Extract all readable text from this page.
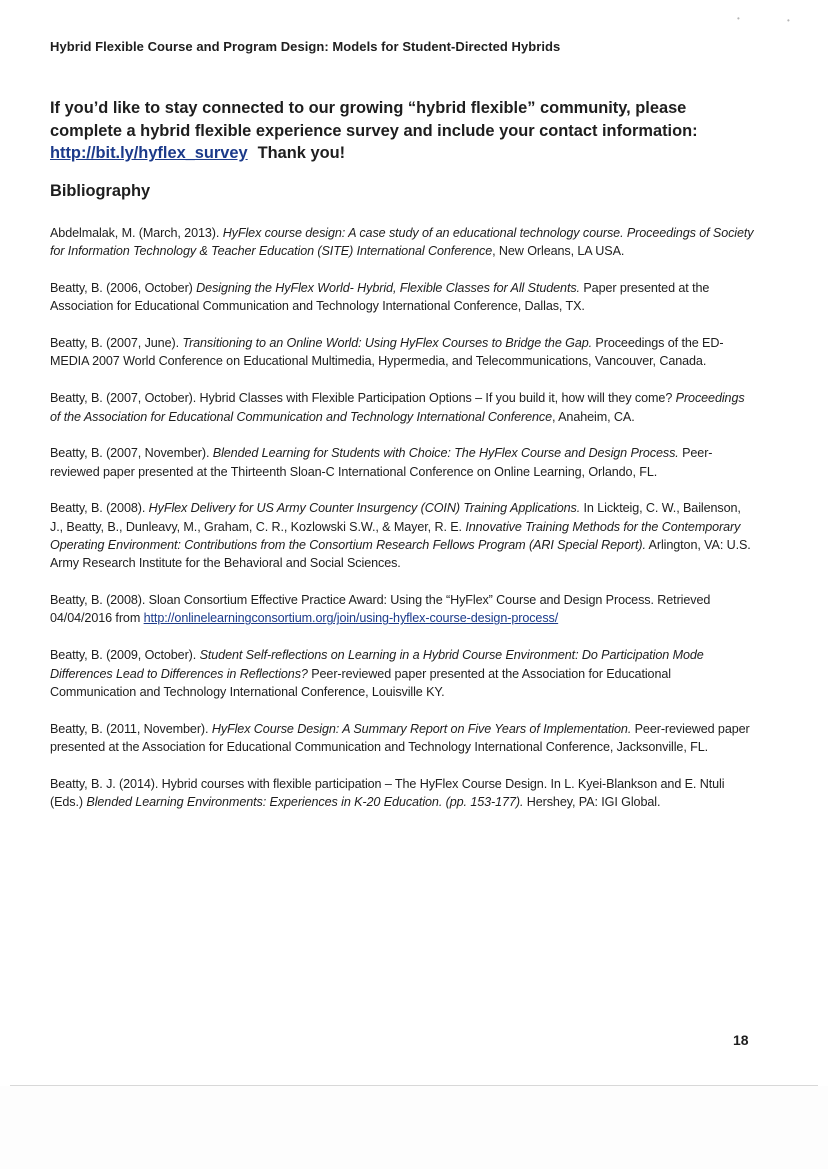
•	•
Hybrid Flexible Course and Program Design: Models for Student-Directed Hybrids
If you’d like to stay connected to our growing “hybrid flexible” community, please complete a hybrid flexible experience survey and include your contact information:
http://bit.ly/hyflex_survey Thank you!
Bibliography

Abdelmalak, M. (March, 2013). HyFlex course design: A case study of an educational technology course. Proceedings of Society for Information Technology & Teacher Education (SITE) International Conference, New Orleans, LA USA.

Beatty, B. (2006, October) Designing the HyFlex World- Hybrid, Flexible Classes for All Students. Paper presented at the Association for Educational Communication and Technology International Conference, Dallas, TX.

Beatty, B. (2007, June). Transitioning to an Online World: Using HyFlex Courses to Bridge the Gap. Proceedings of the ED-MEDIA 2007 World Conference on Educational Multimedia, Hypermedia, and Telecommunications, Vancouver, Canada.

Beatty, B. (2007, October). Hybrid Classes with Flexible Participation Options – If you build it, how will they come? Proceedings of the Association for Educational Communication and Technology International Conference, Anaheim, CA.

Beatty, B. (2007, November). Blended Learning for Students with Choice: The HyFlex Course and Design Process. Peer-reviewed paper presented at the Thirteenth Sloan-C International Conference on Online Learning, Orlando, FL.

Beatty, B. (2008). HyFlex Delivery for US Army Counter Insurgency (COIN) Training Applications. In Lickteig, C. W., Bailenson, J., Beatty, B., Dunleavy, M., Graham, C. R., Kozlowski S.W., & Mayer, R. E. Innovative Training Methods for the Contemporary Operating Environment: Contributions from the Consortium Research Fellows Program (ARI Special Report). Arlington, VA: U.S. Army Research Institute for the Behavioral and Social Sciences.

Beatty, B. (2008). Sloan Consortium Effective Practice Award: Using the “HyFlex” Course and Design Process. Retrieved 04/04/2016 from http://onlinelearningconsortium.org/join/using-hyflex-course-design-process/

Beatty, B. (2009, October). Student Self-reflections on Learning in a Hybrid Course Environment: Do Participation Mode Differences Lead to Differences in Reflections? Peer-reviewed paper presented at the Association for Educational Communication and Technology International Conference, Louisville KY.

Beatty, B. (2011, November). HyFlex Course Design: A Summary Report on Five Years of Implementation. Peer-reviewed paper presented at the Association for Educational Communication and Technology International Conference, Jacksonville, FL.

Beatty, B. J. (2014). Hybrid courses with flexible participation – The HyFlex Course Design. In L. Kyei-Blankson and E. Ntuli (Eds.) Blended Learning Environments: Experiences in K-20 Education. (pp. 153-177). Hershey, PA: IGI Global.

18
